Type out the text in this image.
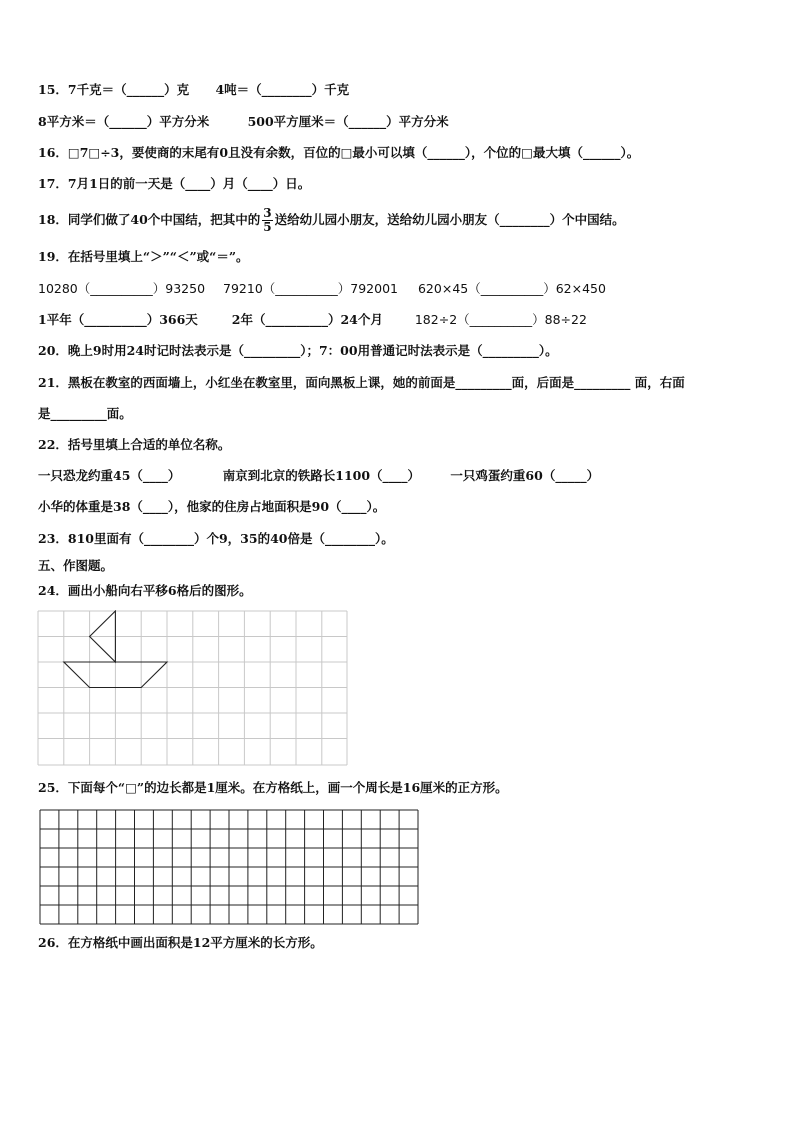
15．7千克＝（______）克 4吨＝（________）千克
8平方米＝（______）平方分米	500平方厘米＝（______）平方分米
16．□7□÷3，要使商的末尾有0且没有余数，百位的□最小可以填（______），个位的□最大填（______）。
17．7月1日的前一天是（____）月（____）日。
18．同学们做了40个中国结，把其中的 $\frac{3}{5}$ 送给幼儿园小朋友，送给幼儿园小朋友（________）个中国结。
19．在括号里填上“＞”“＜”或“＝”。
10280（__________）93250 79210（__________）792001 620×45（__________）62×450
1平年（__________）366天	2年（__________）24个月	182÷2（__________）88÷22
20．晚上9时用24时记时法表示是（_________）；7：00用普通记时法表示是（_________）。
21．黑板在教室的西面墙上，小红坐在教室里，面向黑板上课，她的前面是_________面，后面是_________ 面，右面
是_________面。
22．括号里填上合适的单位名称。
一只恐龙约重45（____）	南京到北京的铁路长1100（____） 一只鸡蛋约重60（_____）
小华的体重是38（____），他家的住房占地面积是90（____）。
23．810里面有（________）个9，35的40倍是（________）。
五、作图题。
24．画出小船向右平移6格后的图形。
25．下面每个“□”的边长都是1厘米。在方格纸上，画一个周长是16厘米的正方形。
26．在方格纸中画出面积是12平方厘米的长方形。
